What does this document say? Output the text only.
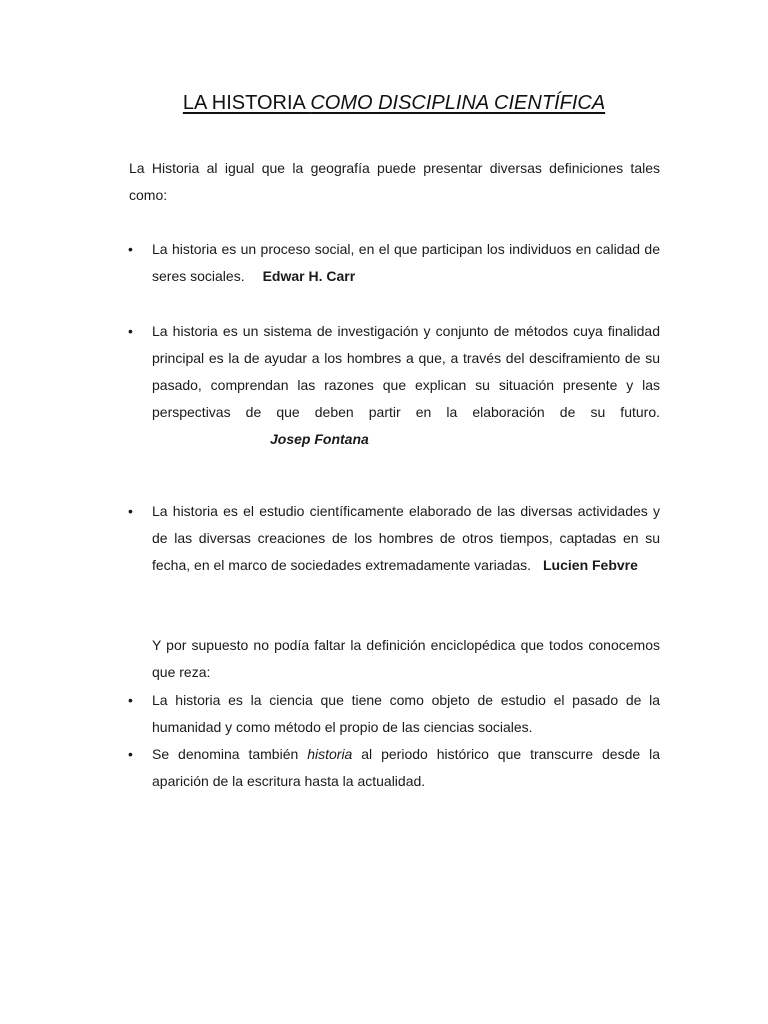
LA HISTORIA COMO DISCIPLINA CIENTÍFICA

La Historia al igual que la geografía puede presentar diversas definiciones tales como:

• La historia es un proceso social, en el que participan los individuos en calidad de seres sociales. Edwar H. Carr
• La historia es un sistema de investigación y conjunto de métodos cuya finalidad principal es la de ayudar a los hombres a que, a través del desciframiento de su pasado, comprendan las razones que explican su situación presente y las perspectivas de que deben partir en la elaboración de su futuro.Josep Fontana
• La historia es el estudio científicamente elaborado de las diversas actividades y de las diversas creaciones de los hombres de otros tiempos, captadas en su fecha, en el marco de sociedades extremadamente variadas. Lucien Febvre
• La historia es la ciencia que tiene como objeto de estudio el pasado de la humanidad y como método el propio de las ciencias sociales.
• Se denomina también historia al periodo histórico que transcurre desde la aparición de la escritura hasta la actualidad.

Y por supuesto no podía faltar la definición enciclopédica que todos conocemos que reza:
